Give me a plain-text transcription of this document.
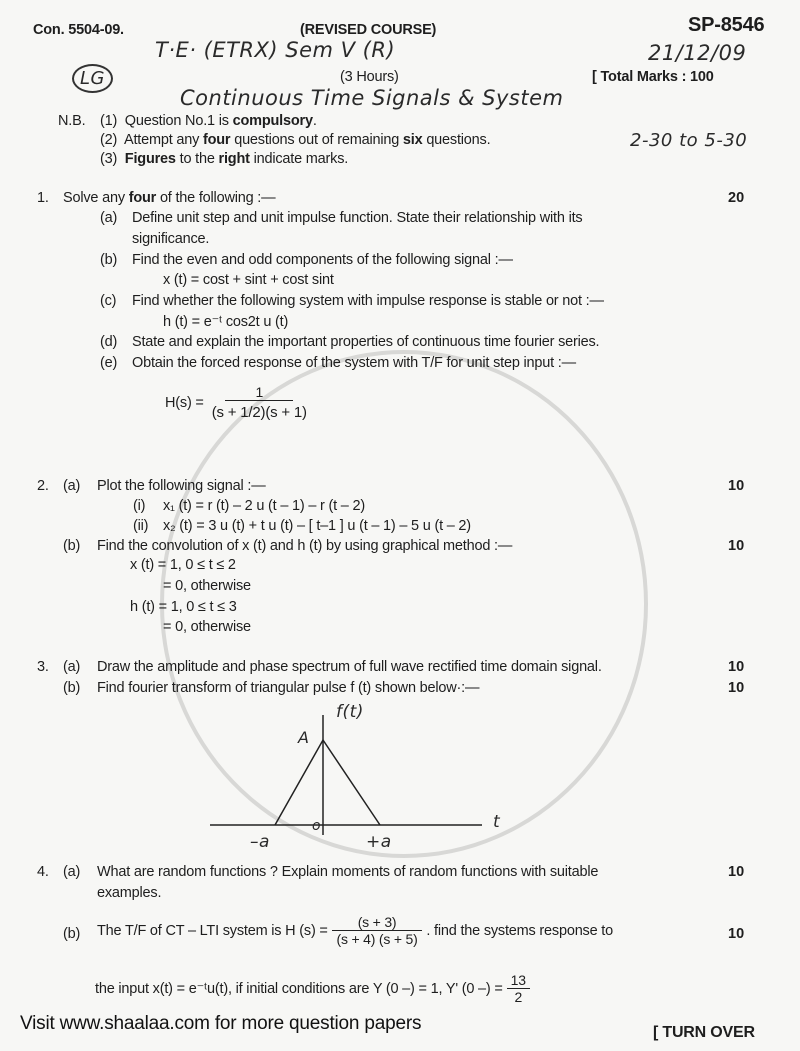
Con. 5504-09.	(REVISED COURSE)	SP-8546
T·E· (ETRX) Sem V (R)	21/12/09
LG	(3 Hours)	[ Total Marks : 100
Continuous Time Signals & System
2-30 to 5-30
N.B. (1) Question No.1 is compulsory.
(2) Attempt any four questions out of remaining six questions.
(3) Figures to the right indicate marks.
1. Solve any four of the following :—	20
(a) Define unit step and unit impulse function. State their relationship with its
significance.
(b) Find the even and odd components of the following signal :—
x (t) = cost + sint + cost sint
(c) Find whether the following system with impulse response is stable or not :—
h (t) = e⁻ᵗ cos2t u (t)
(d) State and explain the important properties of continuous time fourier series.
(e) Obtain the forced response of the system with T/F for unit step input :—
$H(s) = \frac{1}{(s + 1/2)(s + 1)}$
2. (a) Plot the following signal :—	10
(i) x₁ (t) = r (t) – 2 u (t – 1) – r (t – 2)
(ii) x₂ (t) = 3 u (t) + t u (t) – [ t–1 ] u (t – 1) – 5 u (t – 2)
(b) Find the convolution of x (t) and h (t) by using graphical method :—	10
x (t) = 1, 0 ≤ t ≤ 2
= 0, otherwise
h (t) = 1, 0 ≤ t ≤ 3
= 0, otherwise
3. (a) Draw the amplitude and phase spectrum of full wave rectified time domain signal.	10
(b) Find fourier transform of triangular pulse f (t) shown below·:—	10
f(t)
A
–a
o
+a
t
4. (a) What are random functions ? Explain moments of random functions with suitable	10
examples.
(b) The T/F of CT – LTI system is H $(s) = \frac{(s + 3)}{(s + 4) (s + 5)}$ . find the systems response to	10
the input x(t) = e⁻ᵗu(t), if initial conditions are Y (0 –) = 1, Y' (0 –) = $\frac{13}{2}$
Visit www.shaalaa.com for more question papers	[ TURN OVER
